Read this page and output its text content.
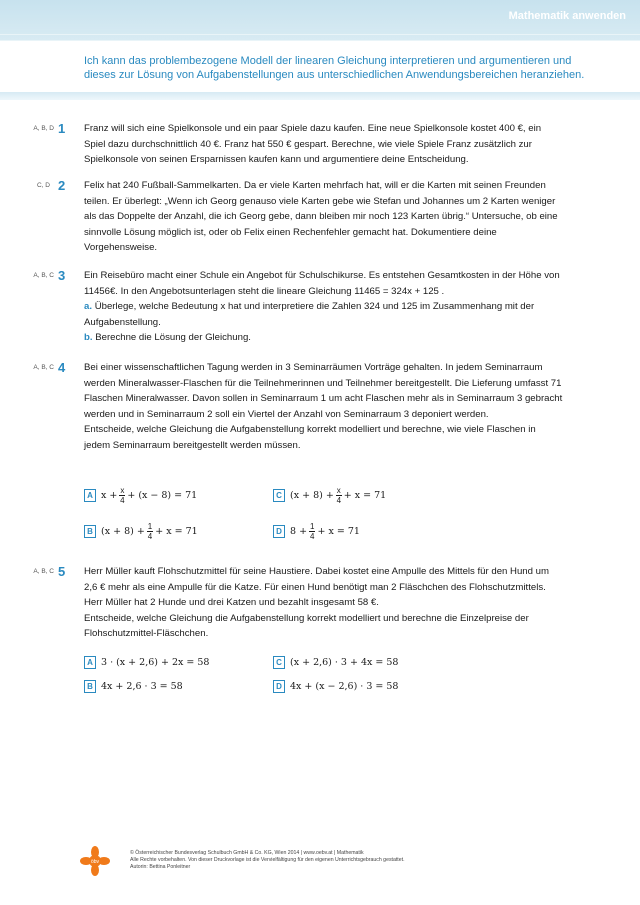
Mathematik anwenden
Ich kann das problembezogene Modell der linearen Gleichung interpretieren und argumentieren und dieses zur Lösung von Aufgabenstellungen aus unterschiedlichen Anwendungsbereichen heranziehen.
A, B, D 1 Franz will sich eine Spielkonsole und ein paar Spiele dazu kaufen. Eine neue Spielkonsole kostet 400 €, ein Spiel dazu durchschnittlich 40 €. Franz hat 550 € gespart. Berechne, wie viele Spiele Franz zusätzlich zur Spielkonsole von seinen Ersparnissen kaufen kann und argumentiere deine Entscheidung.
C, D 2 Felix hat 240 Fußball-Sammelkarten. Da er viele Karten mehrfach hat, will er die Karten mit seinen Freunden teilen. Er überlegt: „Wenn ich Georg genauso viele Karten gebe wie Stefan und Johannes um 2 Karten weniger als das Doppelte der Anzahl, die ich Georg gebe, dann bleiben mir noch 123 Karten übrig.“ Untersuche, ob eine sinnvolle Lösung möglich ist, oder ob Felix einen Rechenfehler gemacht hat. Dokumentiere deine Vorgehensweise.
A, B, C 3 Ein Reisebüro macht einer Schule ein Angebot für Schulschikurse. Es entstehen Gesamtkosten in der Höhe von 11456€. In den Angebotsunterlagen steht die lineare Gleichung 11465 = 324x + 125 .

a. Überlege, welche Bedeutung x hat und interpretiere die Zahlen 324 und 125 im Zusammenhang mit der Aufgabenstellung.

b. Berechne die Lösung der Gleichung.

A, B, C 4 Bei einer wissenschaftlichen Tagung werden in 3 Seminarräumen Vorträge gehalten. In jedem Seminarraum werden Mineralwasser-Flaschen für die Teilnehmerinnen und Teilnehmer bereitgestellt. Die Lieferung umfasst 71 Flaschen Mineralwasser. Davon sollen in Seminarraum 1 um acht Flaschen mehr als in Seminarraum 3 gebracht werden und in Seminarraum 2 soll ein Viertel der Anzahl von Seminarraum 3 deponiert werden.

Entscheide, welche Gleichung die Aufgabenstellung korrekt modelliert und berechne, wie viele Flaschen in jedem Seminarraum bereitgestellt werden müssen.

A $x + \frac{x}{4} + (x - 8) = 71$	C $(x + 8) + \frac{x}{4} + x = 71$
B $(x + 8) + \frac{1}{4} + x = 71$	D $8 + \frac{1}{4} + x = 71$
A, B, C 5 Herr Müller kauft Flohschutzmittel für seine Haustiere. Dabei kostet eine Ampulle des Mittels für den Hund um 2,6 € mehr als eine Ampulle für die Katze. Für einen Hund benötigt man 2 Fläschchen des Flohschutzmittels. Herr Müller hat 2 Hunde und drei Katzen und bezahlt insgesamt 58 €.

Entscheide, welche Gleichung die Aufgabenstellung korrekt modelliert und berechne die Einzelpreise der Flohschutzmittel-Fläschchen.

A 3 · (x + 2,6) + 2x = 58	C (x + 2,6) · 3 + 4x = 58
B 4x + 2,6 · 3 = 58	D 4x + (x − 2,6) · 3 = 58
öbv
© Österreichischer Bundesverlag Schulbuch GmbH & Co. KG, Wien 2014 | www.oebv.at | Mathematik
Alle Rechte vorbehalten. Von dieser Druckvorlage ist die Vervielfältigung für den eigenen Unterrichtsgebrauch gestattet.
Autorin: Bettina Ponleitner
